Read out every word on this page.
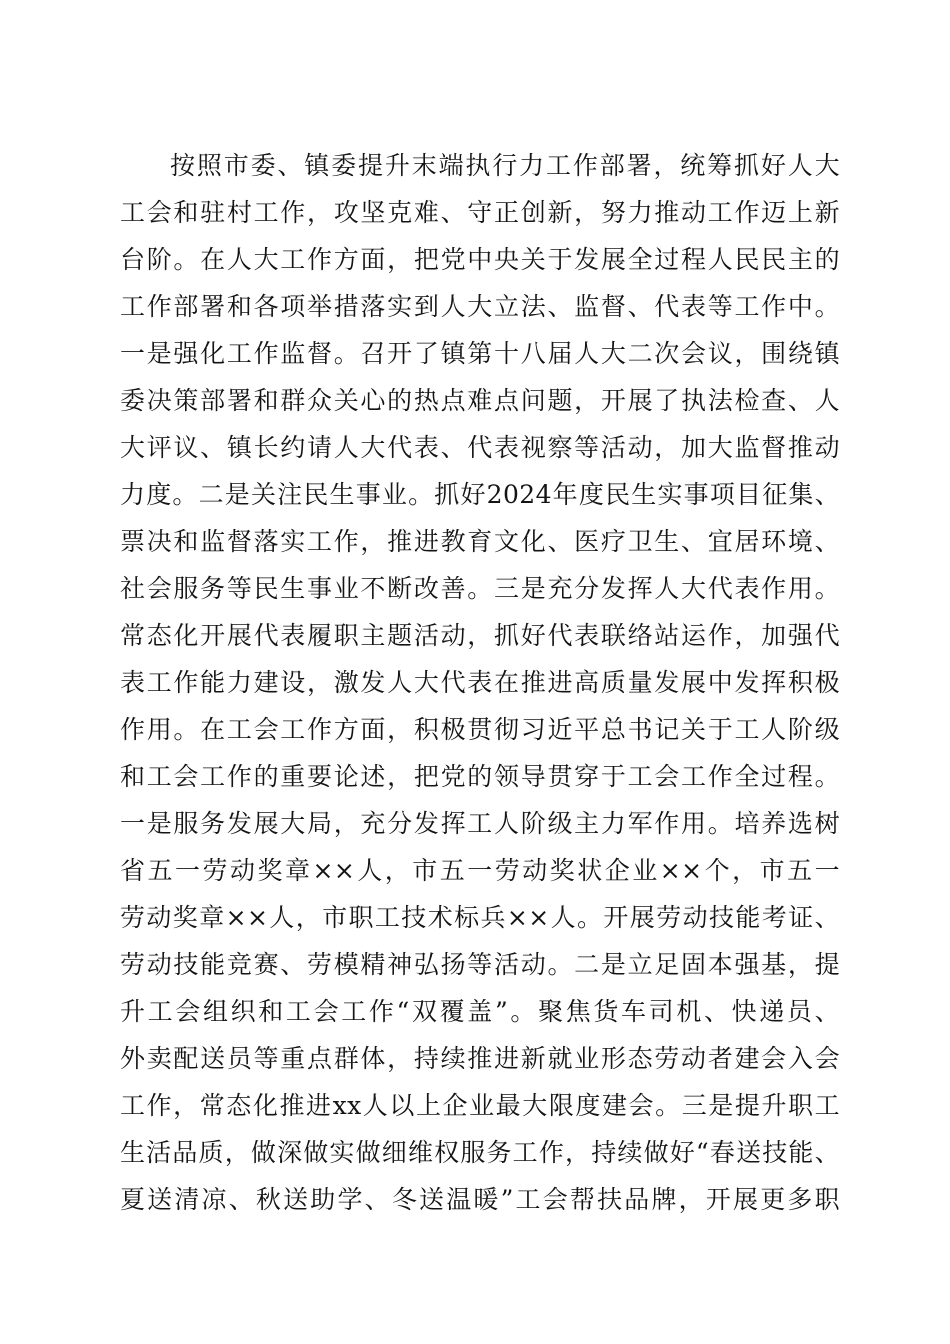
按照市委、镇委提升末端执行力工作部署，统筹抓好人大
工会和驻村工作，攻坚克难、守正创新，努力推动工作迈上新
台阶。在人大工作方面，把党中央关于发展全过程人民民主的
工作部署和各项举措落实到人大立法、监督、代表等工作中。
一是强化工作监督。召开了镇第十八届人大二次会议，围绕镇
委决策部署和群众关心的热点难点问题，开展了执法检查、人
大评议、镇长约请人大代表、代表视察等活动，加大监督推动
力度。二是关注民生事业。抓好2024年度民生实事项目征集、
票决和监督落实工作，推进教育文化、医疗卫生、宜居环境、
社会服务等民生事业不断改善。三是充分发挥人大代表作用。
常态化开展代表履职主题活动，抓好代表联络站运作，加强代
表工作能力建设，激发人大代表在推进高质量发展中发挥积极
作用。在工会工作方面，积极贯彻习近平总书记关于工人阶级
和工会工作的重要论述，把党的领导贯穿于工会工作全过程。
一是服务发展大局，充分发挥工人阶级主力军作用。培养选树
省五一劳动奖章××人，市五一劳动奖状企业××个，市五一
劳动奖章××人，市职工技术标兵××人。开展劳动技能考证、
劳动技能竞赛、劳模精神弘扬等活动。二是立足固本强基，提
升工会组织和工会工作“双覆盖”。聚焦货车司机、快递员、
外卖配送员等重点群体，持续推进新就业形态劳动者建会入会
工作，常态化推进xx人以上企业最大限度建会。三是提升职工
生活品质，做深做实做细维权服务工作，持续做好“春送技能、
夏送清凉、秋送助学、冬送温暖”工会帮扶品牌，开展更多职
